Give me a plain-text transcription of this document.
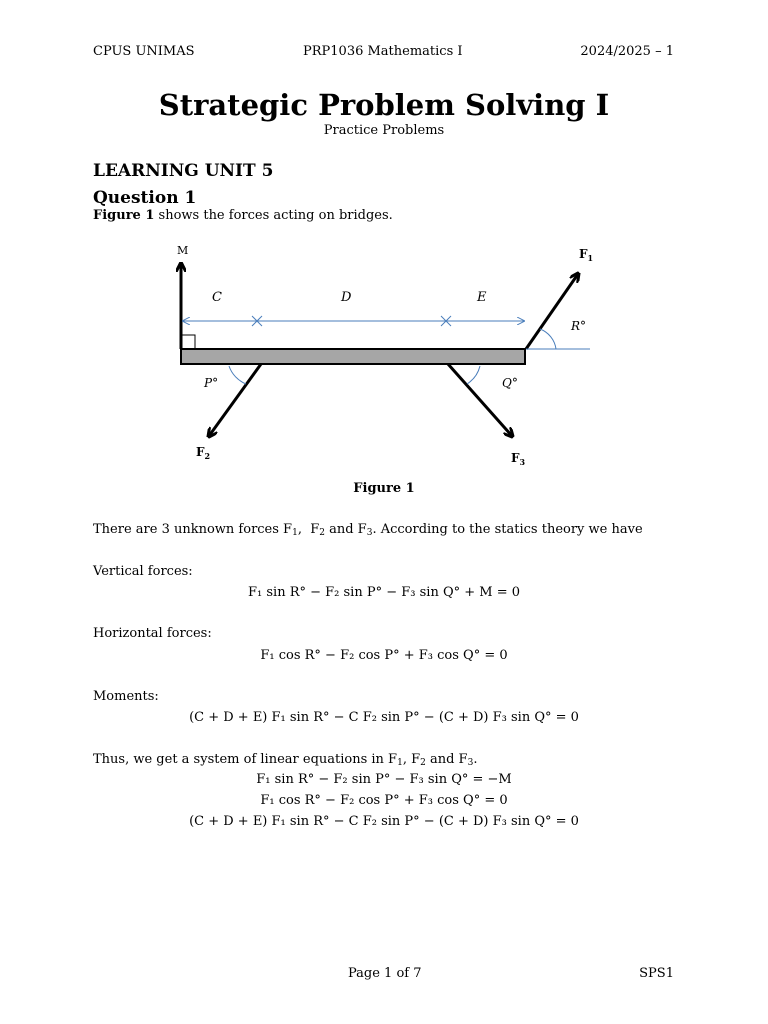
CPUS UNIMAS	PRP1036 Mathematics I	2024/2025 – 1
Strategic Problem Solving I
Practice Problems
LEARNING UNIT 5
Question 1
Figure 1 shows the forces acting on bridges.
M	$F_1$
$F_2$	$F_3$
C	D	E
R°
P°	Q°
Figure 1
There are 3 unknown forces $F_1$,  $F_2$ and $F_3$. According to the statics theory we have
Vertical forces:
F₁ sin R° − F₂ sin P° − F₃ sin Q° + M = 0
Horizontal forces:
F₁ cos R° − F₂ cos P° + F₃ cos Q° = 0
Moments:
(C + D + E) F₁ sin R° − C F₂ sin P° − (C + D) F₃ sin Q° = 0
Thus, we get a system of linear equations in $F_1$, $F_2$ and $F_3$.
F₁ sin R° − F₂ sin P° − F₃ sin Q° = −M
F₁ cos R° − F₂ cos P° + F₃ cos Q° = 0
(C + D + E) F₁ sin R° − C F₂ sin P° − (C + D) F₃ sin Q° = 0
Page 1 of 7	SPS1
